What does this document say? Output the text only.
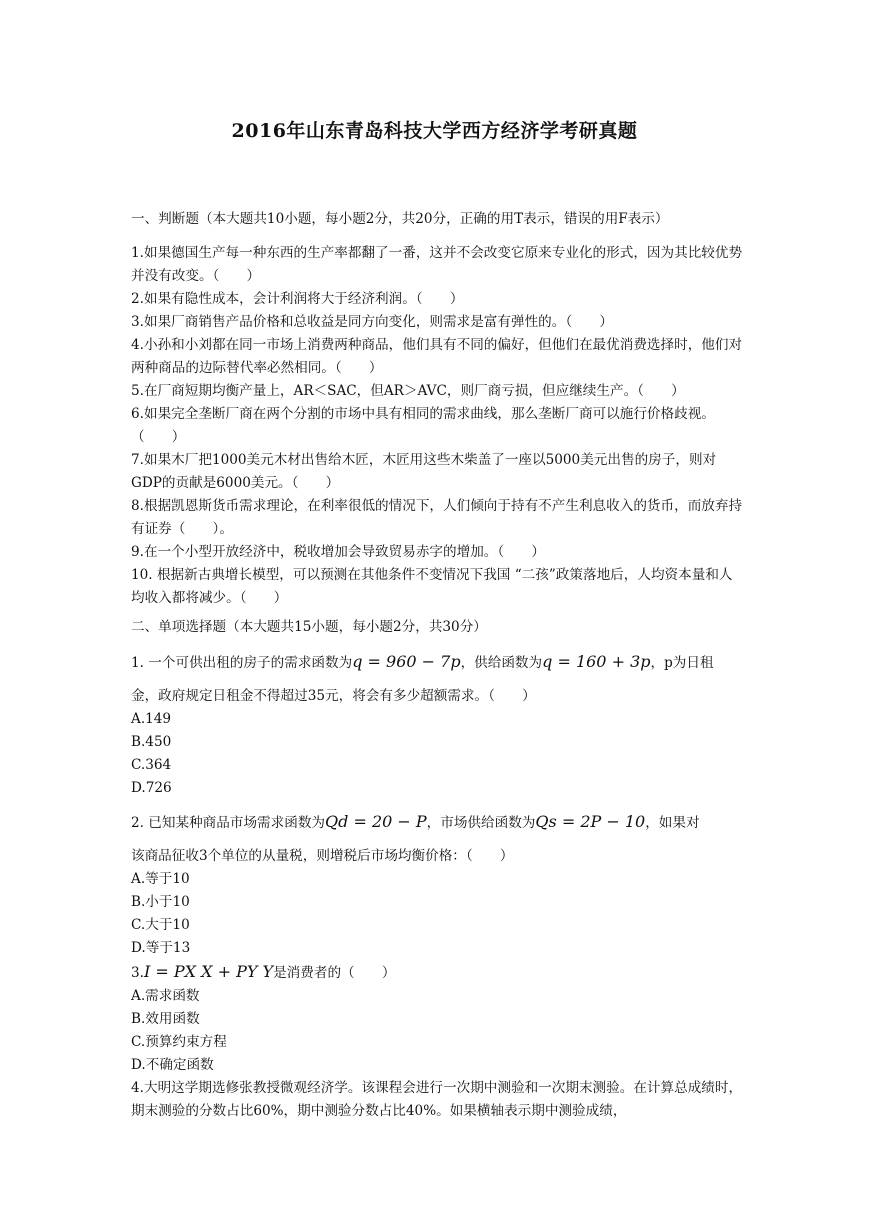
2016年山东青岛科技大学西方经济学考研真题

一、判断题（本大题共10小题，每小题2分，共20分，正确的用T表示，错误的用F表示）

1.如果德国生产每一种东西的生产率都翻了一番，这并不会改变它原来专业化的形式，因为其比较优势并没有改变。（　　）

2.如果有隐性成本，会计利润将大于经济利润。（　　）

3.如果厂商销售产品价格和总收益是同方向变化，则需求是富有弹性的。（　　）

4.小孙和小刘都在同一市场上消费两种商品，他们具有不同的偏好，但他们在最优消费选择时，他们对两种商品的边际替代率必然相同。（　　）

5.在厂商短期均衡产量上，AR＜SAC，但AR＞AVC，则厂商亏损，但应继续生产。（　　）

6.如果完全垄断厂商在两个分割的市场中具有相同的需求曲线，那么垄断厂商可以施行价格歧视。（　　）

7.如果木厂把1000美元木材出售给木匠，木匠用这些木柴盖了一座以5000美元出售的房子，则对GDP的贡献是6000美元。（　　）

8.根据凯恩斯货币需求理论，在利率很低的情况下，人们倾向于持有不产生利息收入的货币，而放弃持有证券（　　）。

9.在一个小型开放经济中，税收增加会导致贸易赤字的增加。（　　）

10. 根据新古典增长模型，可以预测在其他条件不变情况下我国 “二孩”政策落地后，人均资本量和人均收入都将减少。（　　）

二、单项选择题（本大题共15小题，每小题2分，共30分）

1. 一个可供出租的房子的需求函数为q = 960 − 7p，供给函数为q = 160 + 3p，p为日租

金，政府规定日租金不得超过35元，将会有多少超额需求。（　　）

A.149

B.450

C.364

D.726

2. 已知某种商品市场需求函数为Qd = 20 − P，市场供给函数为Qs = 2P − 10，如果对

该商品征收3个单位的从量税，则增税后市场均衡价格：（　　）

A.等于10

B.小于10

C.大于10

D.等于13

3.I = PX X + PY Y是消费者的（　　）

A.需求函数

B.效用函数

C.预算约束方程

D.不确定函数

4.大明这学期选修张教授微观经济学。该课程会进行一次期中测验和一次期末测验。在计算总成绩时，期末测验的分数占比60%，期中测验分数占比40%。如果横轴表示期中测验成绩，
